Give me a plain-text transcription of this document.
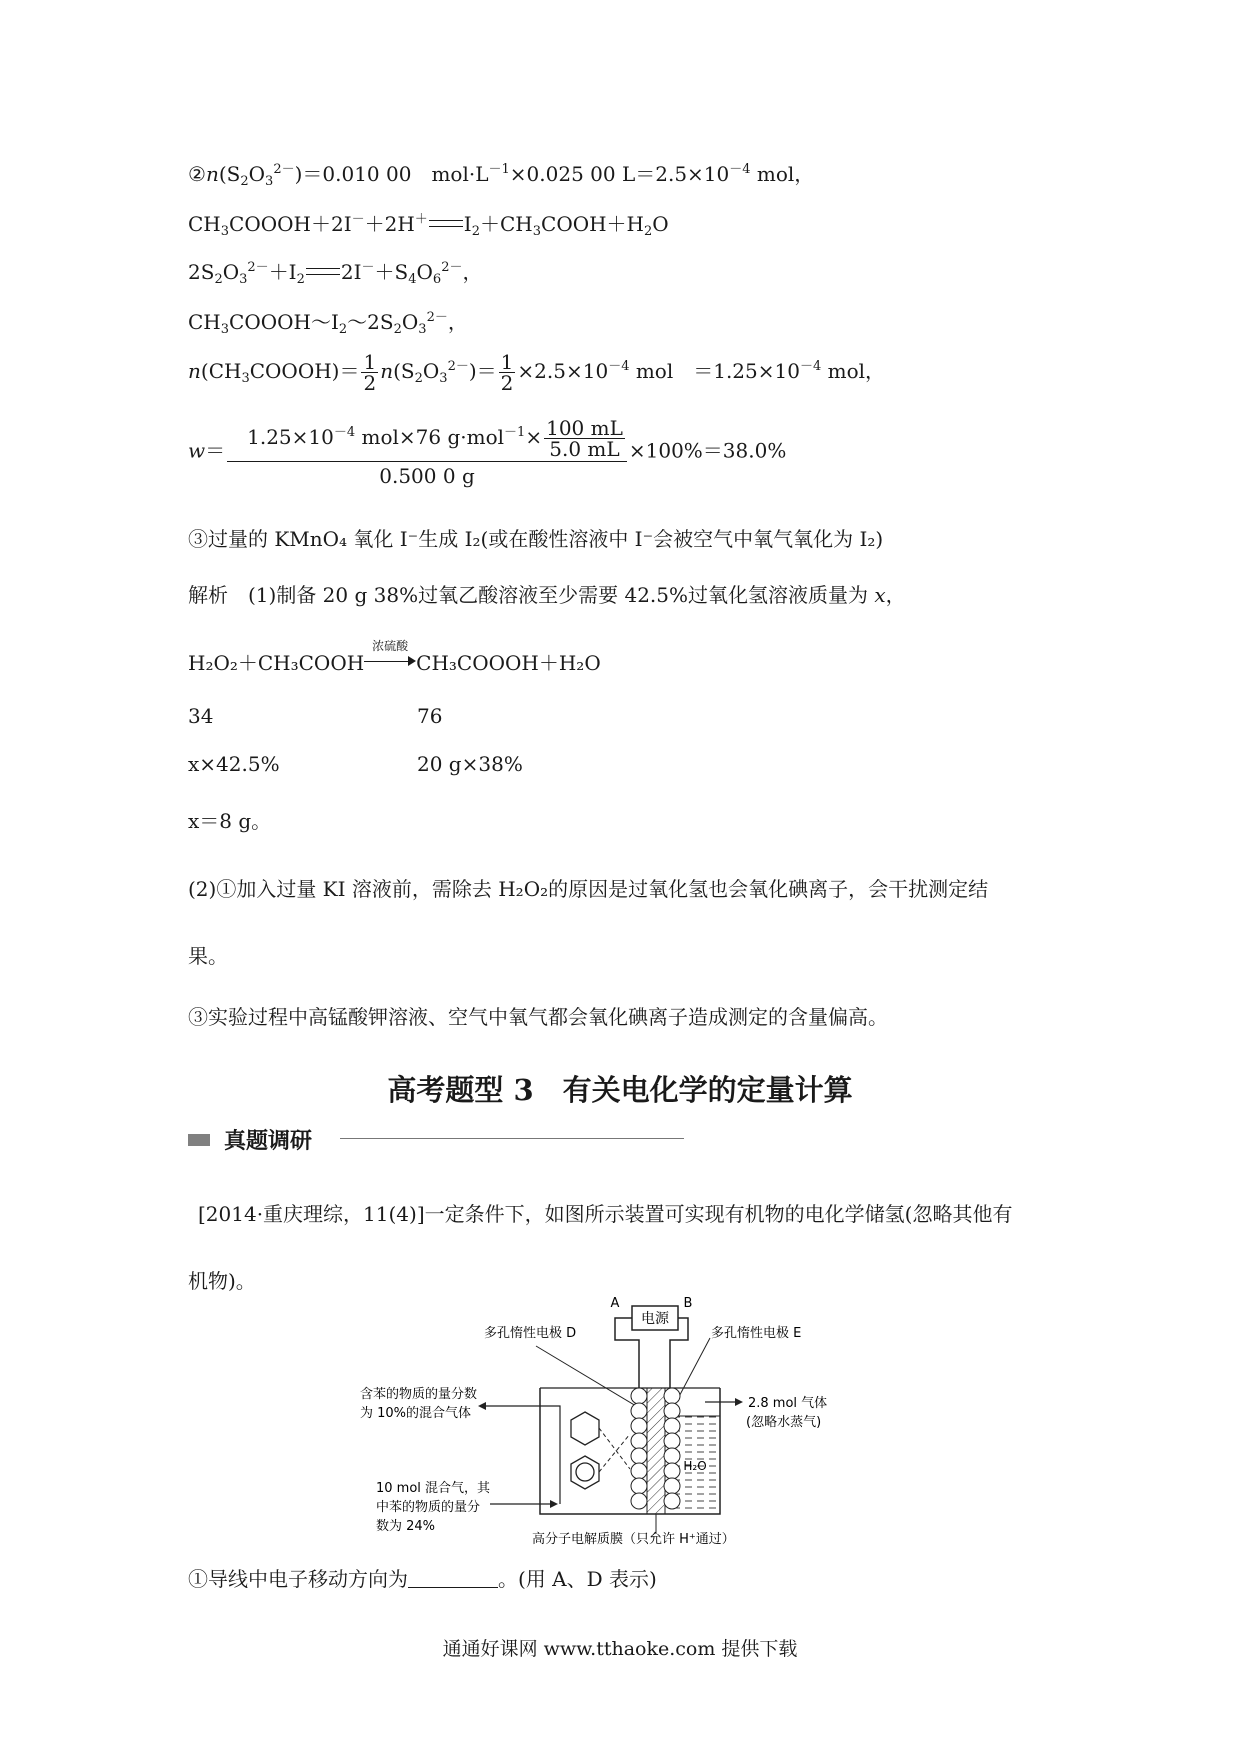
$②n(S_2O_3^{2-})=0.010$ 00　$mol\cdot L^{-1}\times 0.025$ 00 $L=2.5\times 10^{-4}$ mol，
$CH_3COOOH+2I^-+2H^+$ $I_2+CH_3COOH+H_2O$
$2S_2O_3^{2-}+I_2$ $2I^-+S_4O_6^{2-}$，
$CH_3COOOH\sim I_2\sim 2S_2O_3^{2-}$，
$n(CH_3COOOH)= \frac{1}{2} n(S_2O_3^{2-})= \frac{1}{2} \times 2.5\times 10^{-4}$ mol　$=1.25\times 10^{-4}$ mol，
$w= \frac{1.25\times 10^{-4} mol\times 76 g\cdot mol^{-1}\times \frac{100 mL}{5.0 mL}}{0.500 0 g} \times 100\%=38.0\%$
③过量的 KMnO₄ 氧化 I⁻生成 I₂(或在酸性溶液中 I⁻会被空气中氧气氧化为 I₂)
解析　(1)制备 20 g 38%过氧乙酸溶液至少需要 42.5%过氧化氢溶液质量为 x，
H₂O₂＋CH₃COOH
浓硫酸
CH₃COOOH＋H₂O
34	76
x×42.5%	20 g×38%
x＝8 g。
(2)①加入过量 KI 溶液前，需除去 H₂O₂的原因是过氧化氢也会氧化碘离子，会干扰测定结
果。
③实验过程中高锰酸钾溶液、空气中氧气都会氧化碘离子造成测定的含量偏高。
高考题型 3　有关电化学的定量计算
真题调研
[2014·重庆理综，11(4)]一定条件下，如图所示装置可实现有机物的电化学储氢(忽略其他有
机物)。
电源
A	B
多孔惰性电极 D	多孔惰性电极 E
H₂O
含苯的物质的量分数
为 10%的混合气体
10 mol 混合气，其
中苯的物质的量分
数为 24%
2.8 mol 气体
(忽略水蒸气)
高分子电解质膜（只允许 H⁺通过）
①导线中电子移动方向为	。(用 A、D 表示)
通通好课网 www.tthaoke.com 提供下载
